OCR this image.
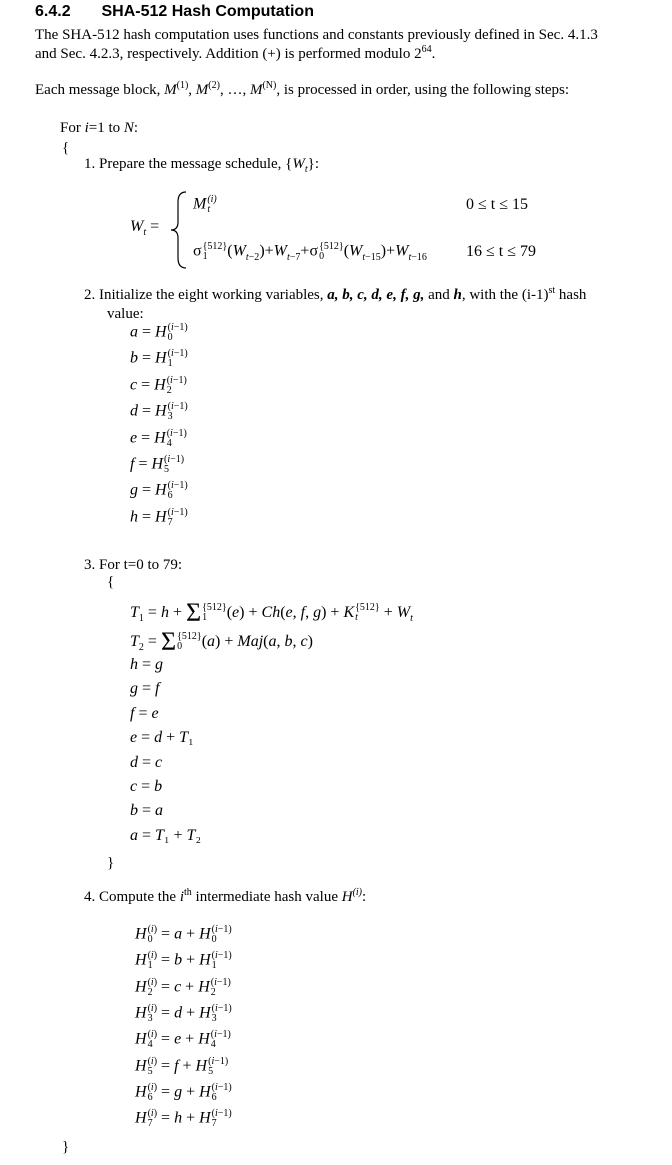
6.4.2 SHA-512 Hash Computation
The SHA-512 hash computation uses functions and constants previously defined in Sec. 4.1.3
and Sec. 4.2.3, respectively. Addition (+) is performed modulo $2^{64}$.
Each message block, $M^{(1)}$, $M^{(2)}$, …, $M^{(N)}$, is processed in order, using the following steps:
For i=1 to N:
{
1. Prepare the message schedule, $\{W_t\}$:
$W_t$ =
M (i)
t	0 ≤ t ≤ 15
σ {512}
1	$(W_{t-2})+W_{t-7}+\sigma$ {512}
0	$(W_{t-15})+W_{t-16}$ 16 ≤ t ≤ 79
2. Initialize the eight working variables, a, b, c, d, e, f, g, and h, with the $(i-1)^{st}$ hash
value:
a = H (i−1)
0
b = H (i−1)
1
c = H (i−1)
2
d = H (i−1)
3
e = H (i−1)
4
f = H (i−1)
5
g = H (i−1)
6
h = H (i−1)
7
3. For t=0 to 79:
{
$T_1 = h + \Sigma$ {512}
1	(e) + Ch(e, f, g) + K {512}
t	+ $W_t$
$T_2 = \Sigma$ {512}
0	(a) + Maj(a, b, c)
h = g
g = f
f = e
e = d + T₁
d = c
c = b
b = a
a = T₁ + T₂
}
4. Compute the $i^{th}$ intermediate hash value $H^{(i)}$:
H (i)
0 = a + H (i−1)
0
H (i)
1 = b + H (i−1)
1
H (i)
2 = c + H (i−1)
2
H (i)
3 = d + H (i−1)
3
H (i)
4 = e + H (i−1)
4
H (i)
5 = f + H (i−1)
5
H (i)
6 = g + H (i−1)
6
H (i)
7 = h + H (i−1)
7
}
